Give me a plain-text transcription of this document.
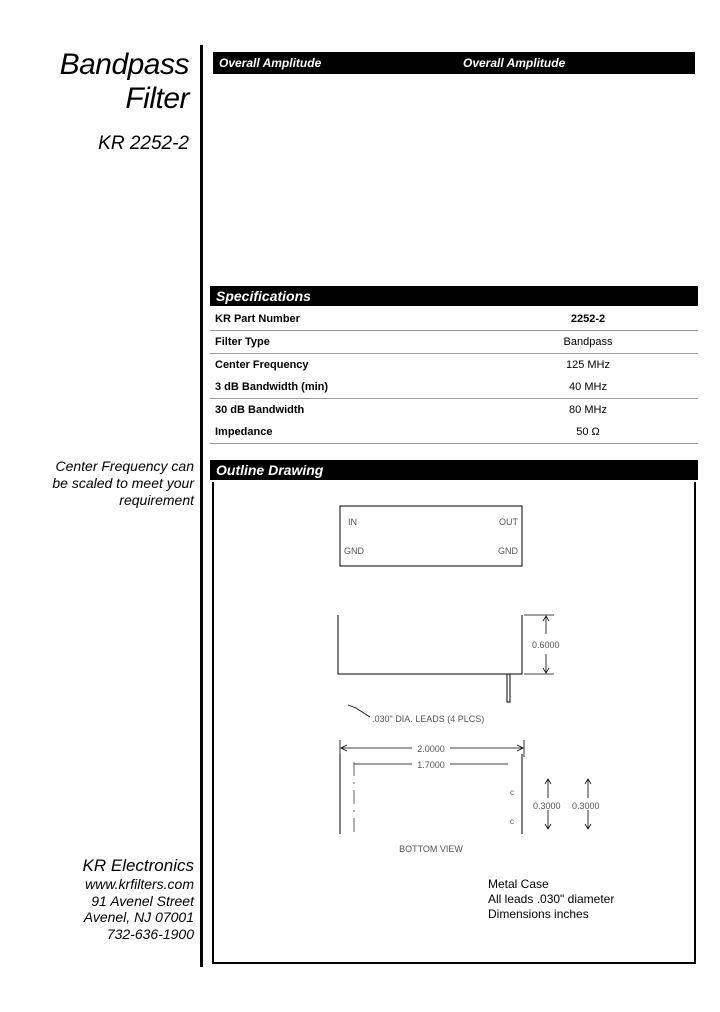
Bandpass
Filter
KR 2252-2
Center Frequency can
be scaled to meet your
requirement
KR Electronics
www.krfilters.com
91 Avenel Street
Avenel, NJ 07001
732-636-1900
Overall Amplitude	Overall Amplitude
Specifications
KR Part Number	2252-2
Filter Type	Bandpass
Center Frequency	125 MHz
3 dB Bandwidth (min)	40 MHz
30 dB Bandwidth	80 MHz
Impedance	50 Ω
Outline Drawing
IN	OUT
GND	GND
0.6000
.030" DIA. LEADS (4 PLCS)
2.0000
1.7000
c
c
BOTTOM VIEW
0.3000 0.3000
Metal Case
All leads .030" diameter
Dimensions inches
